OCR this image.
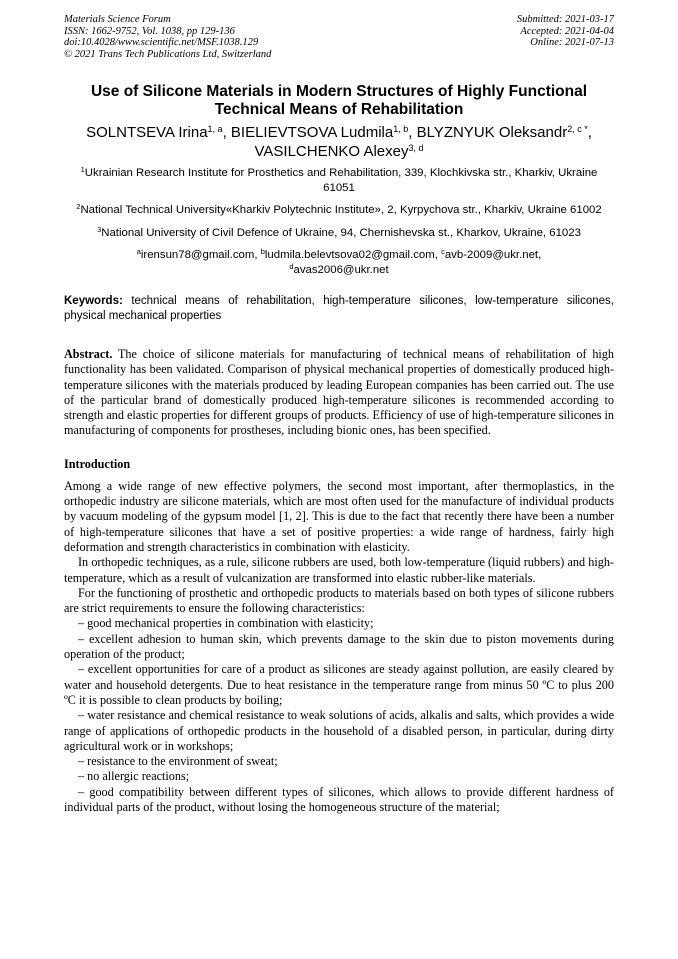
Materials Science Forum
ISSN: 1662-9752, Vol. 1038, pp 129-136
doi:10.4028/www.scientific.net/MSF.1038.129
© 2021 Trans Tech Publications Ltd, Switzerland
Submitted: 2021-03-17
Accepted: 2021-04-04
Online: 2021-07-13
Use of Silicone Materials in Modern Structures of Highly Functional
Technical Means of Rehabilitation
SOLNTSEVA Irina$^{1, a}$, BIELIEVTSOVA Ludmila$^{1, b}$, BLYZNYUK Oleksandr$^{2, c *}$,
VASILCHENKO Alexey$^{3, d}$
$^1$Ukrainian Research Institute for Prosthetics and Rehabilitation, 339, Klochkivska str., Kharkiv, Ukraine 61051
$^2$National Technical University«Kharkiv Polytechnic Institute», 2, Kyrpychova str., Kharkiv, Ukraine 61002
$^3$National University of Civil Defence of Ukraine, 94, Chernishevska st., Kharkov, Ukraine, 61023
$^a$irensun78@gmail.com, $^b$ludmila.belevtsova02@gmail.com, $^c$avb-2009@ukr.net,
$^d$avas2006@ukr.net

Keywords: technical means of rehabilitation, high-temperature silicones, low-temperature silicones, physical mechanical properties

Abstract. The choice of silicone materials for manufacturing of technical means of rehabilitation of high functionality has been validated. Comparison of physical mechanical properties of domestically produced high-temperature silicones with the materials produced by leading European companies has been carried out. The use of the particular brand of domestically produced high-temperature silicones is recommended according to strength and elastic properties for different groups of products. Efficiency of use of high-temperature silicones in manufacturing of components for prostheses, including bionic ones, has been specified.

Introduction

Among a wide range of new effective polymers, the second most important, after thermoplastics, in the orthopedic industry are silicone materials, which are most often used for the manufacture of individual products by vacuum modeling of the gypsum model [1, 2]. This is due to the fact that recently there have been a number of high-temperature silicones that have a set of positive properties: a wide range of hardness, fairly high deformation and strength characteristics in combination with elasticity.

In orthopedic techniques, as a rule, silicone rubbers are used, both low-temperature (liquid rubbers) and high-temperature, which as a result of vulcanization are transformed into elastic rubber-like materials.

For the functioning of prosthetic and orthopedic products to materials based on both types of silicone rubbers are strict requirements to ensure the following characteristics:

– good mechanical properties in combination with elasticity;

– excellent adhesion to human skin, which prevents damage to the skin due to piston movements during operation of the product;

– excellent opportunities for care of a product as silicones are steady against pollution, are easily cleared by water and household detergents. Due to heat resistance in the temperature range from minus 50 ºC to plus 200 ºC it is possible to clean products by boiling;

– water resistance and chemical resistance to weak solutions of acids, alkalis and salts, which provides a wide range of applications of orthopedic products in the household of a disabled person, in particular, during dirty agricultural work or in workshops;

– resistance to the environment of sweat;

– no allergic reactions;

– good compatibility between different types of silicones, which allows to provide different hardness of individual parts of the product, without losing the homogeneous structure of the material;
